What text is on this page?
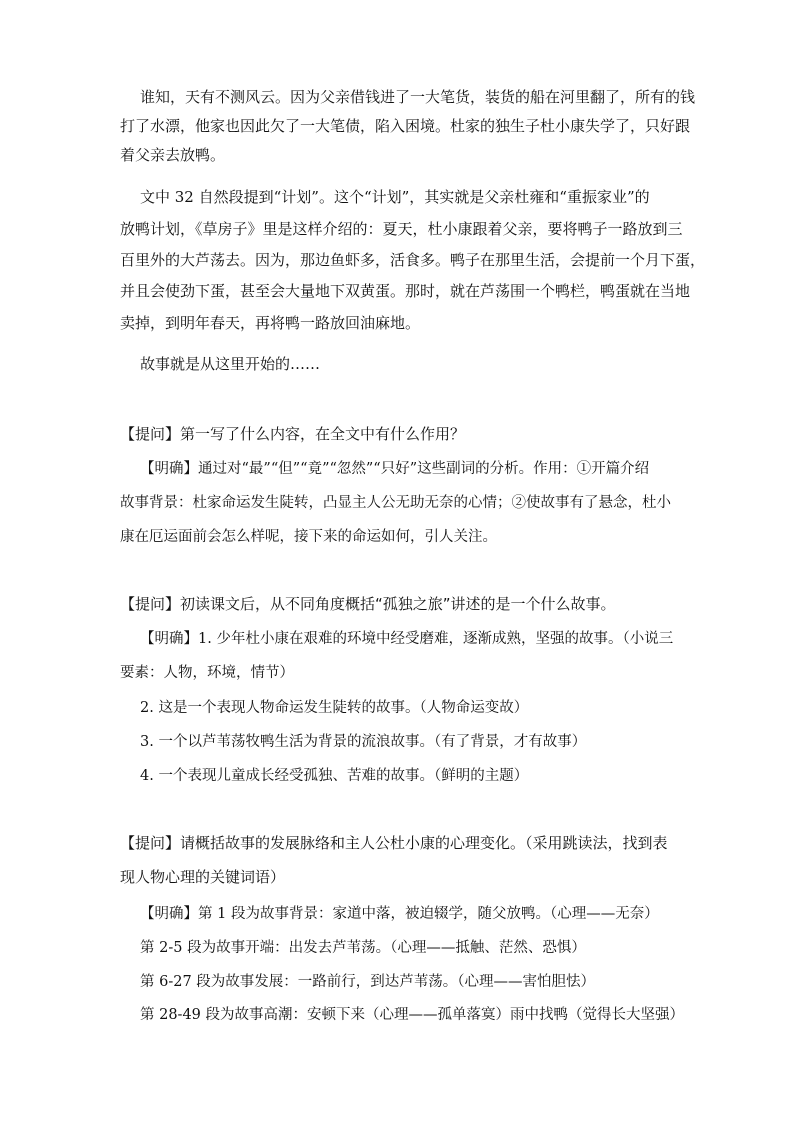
谁知，天有不测风云。因为父亲借钱进了一大笔货，装货的船在河里翻了，所有的钱
打了水漂，他家也因此欠了一大笔债，陷入困境。杜家的独生子杜小康失学了，只好跟
着父亲去放鸭。
文中 32 自然段提到“计划”。这个“计划”，其实就是父亲杜雍和“重振家业”的
放鸭计划，《草房子》里是这样介绍的：夏天，杜小康跟着父亲，要将鸭子一路放到三
百里外的大芦荡去。因为，那边鱼虾多，活食多。鸭子在那里生活，会提前一个月下蛋，
并且会使劲下蛋，甚至会大量地下双黄蛋。那时，就在芦荡围一个鸭栏，鸭蛋就在当地
卖掉，到明年春天，再将鸭一路放回油麻地。
故事就是从这里开始的……
【提问】第一写了什么内容，在全文中有什么作用？
【明确】通过对“最”“但”“竟”“忽然”“只好”这些副词的分析。作用：①开篇介绍
故事背景：杜家命运发生陡转，凸显主人公无助无奈的心情；②使故事有了悬念，杜小
康在厄运面前会怎么样呢，接下来的命运如何，引人关注。
【提问】初读课文后，从不同角度概括“孤独之旅”讲述的是一个什么故事。
【明确】1. 少年杜小康在艰难的环境中经受磨难，逐渐成熟，坚强的故事。（小说三
要素：人物，环境，情节）
2. 这是一个表现人物命运发生陡转的故事。（人物命运变故）
3. 一个以芦苇荡牧鸭生活为背景的流浪故事。（有了背景，才有故事）
4. 一个表现儿童成长经受孤独、苦难的故事。（鲜明的主题）
【提问】请概括故事的发展脉络和主人公杜小康的心理变化。（采用跳读法，找到表
现人物心理的关键词语）
【明确】第 1 段为故事背景：家道中落，被迫辍学，随父放鸭。（心理——无奈）
第 2-5 段为故事开端：出发去芦苇荡。（心理——抵触、茫然、恐惧）
第 6-27 段为故事发展：一路前行，到达芦苇荡。（心理——害怕胆怯）
第 28-49 段为故事高潮：安顿下来（心理——孤单落寞）雨中找鸭（觉得长大坚强）
